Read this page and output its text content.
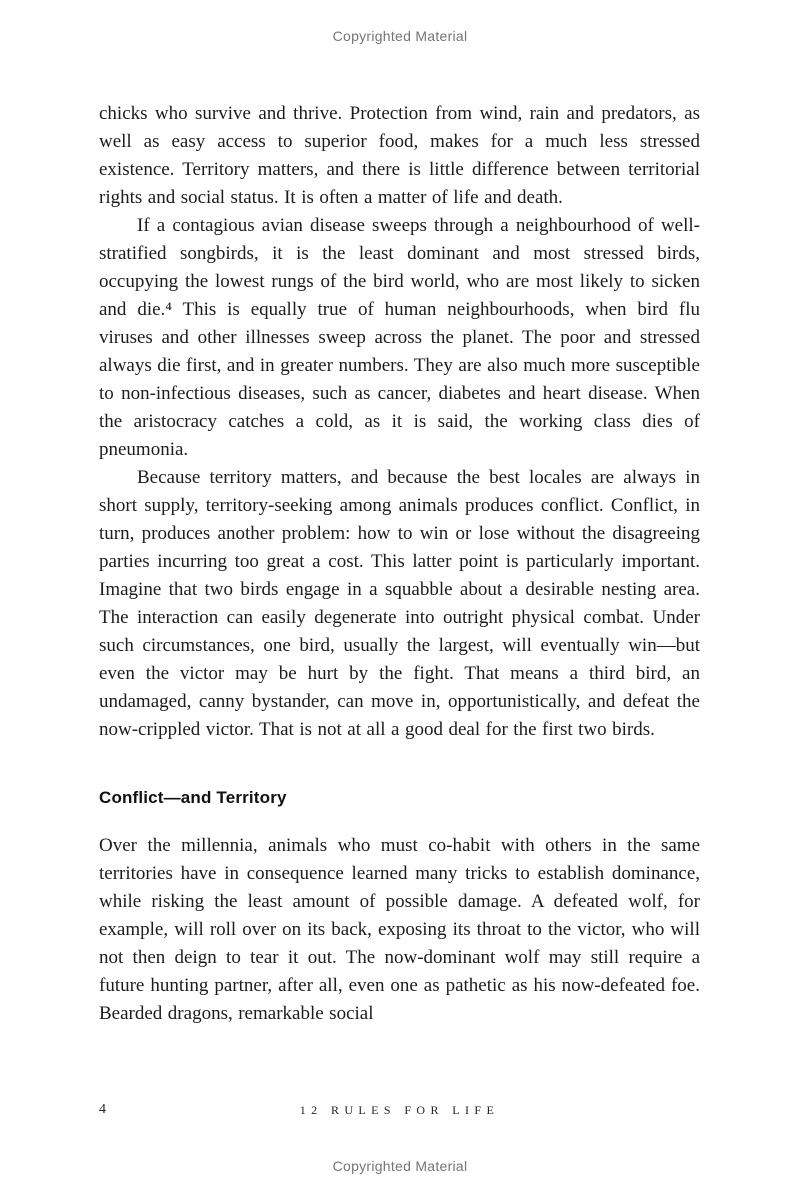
Copyrighted Material

chicks who survive and thrive. Protection from wind, rain and predators, as well as easy access to superior food, makes for a much less stressed existence. Territory matters, and there is little difference between territorial rights and social status. It is often a matter of life and death.

If a contagious avian disease sweeps through a neighbourhood of well-stratified songbirds, it is the least dominant and most stressed birds, occupying the lowest rungs of the bird world, who are most likely to sicken and die.⁴ This is equally true of human neighbourhoods, when bird flu viruses and other illnesses sweep across the planet. The poor and stressed always die first, and in greater numbers. They are also much more susceptible to non-infectious diseases, such as cancer, diabetes and heart disease. When the aristocracy catches a cold, as it is said, the working class dies of pneumonia.

Because territory matters, and because the best locales are always in short supply, territory-seeking among animals produces conflict. Conflict, in turn, produces another problem: how to win or lose without the disagreeing parties incurring too great a cost. This latter point is particularly important. Imagine that two birds engage in a squabble about a desirable nesting area. The interaction can easily degenerate into outright physical combat. Under such circumstances, one bird, usually the largest, will eventually win—but even the victor may be hurt by the fight. That means a third bird, an undamaged, canny bystander, can move in, opportunistically, and defeat the now-crippled victor. That is not at all a good deal for the first two birds.

Conflict—and Territory

Over the millennia, animals who must co-habit with others in the same territories have in consequence learned many tricks to establish dominance, while risking the least amount of possible damage. A defeated wolf, for example, will roll over on its back, exposing its throat to the victor, who will not then deign to tear it out. The now-dominant wolf may still require a future hunting partner, after all, even one as pathetic as his now-defeated foe. Bearded dragons, remarkable social

4	12 RULES FOR LIFE
Copyrighted Material
